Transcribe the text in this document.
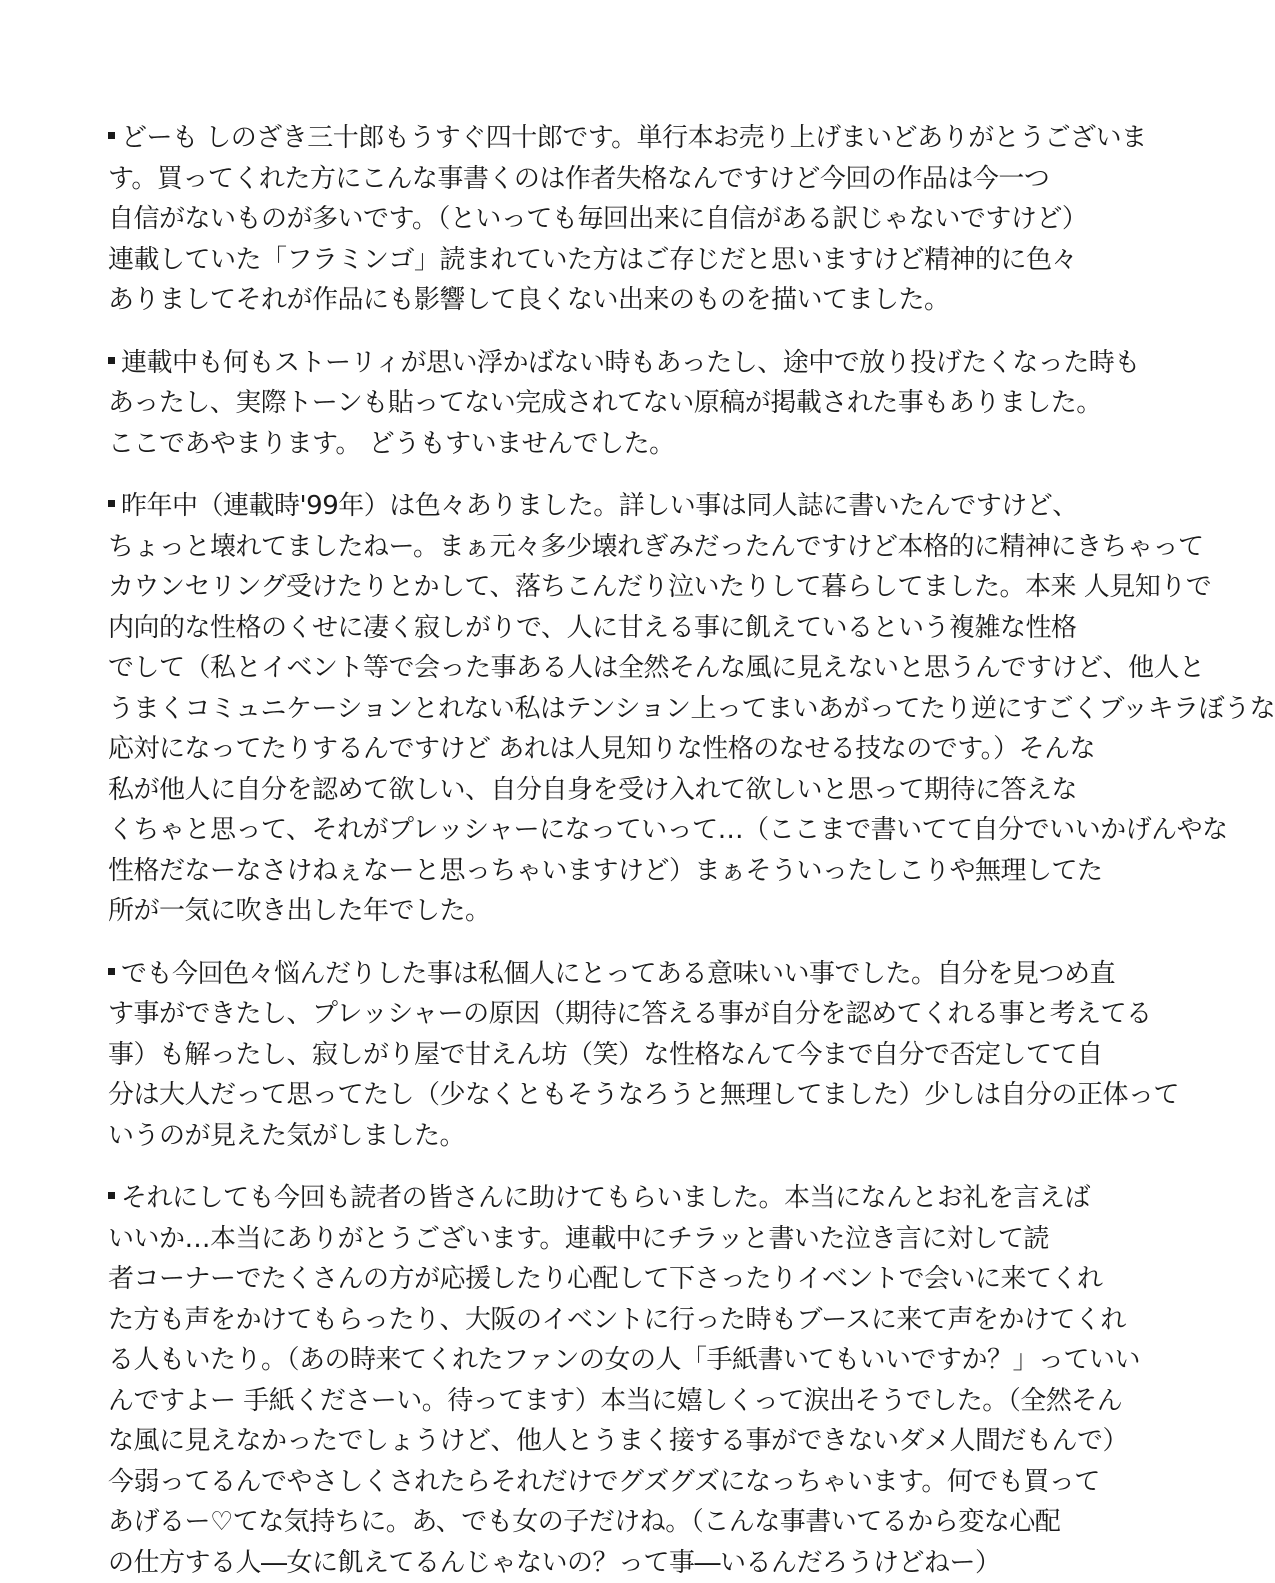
どーも しのざき三十郎もうすぐ四十郎です。単行本お売り上げまいどありがとうございま
す。買ってくれた方にこんな事書くのは作者失格なんですけど今回の作品は今一つ
自信がないものが多いです。（といっても毎回出来に自信がある訳じゃないですけど）
連載していた「フラミンゴ」読まれていた方はご存じだと思いますけど精神的に色々
ありましてそれが作品にも影響して良くない出来のものを描いてました。
連載中も何もストーリィが思い浮かばない時もあったし、途中で放り投げたくなった時も
あったし、実際トーンも貼ってない完成されてない原稿が掲載された事もありました。
ここであやまります。 どうもすいませんでした。
昨年中（連載時'99年）は色々ありました。詳しい事は同人誌に書いたんですけど、
ちょっと壊れてましたねー。まぁ元々多少壊れぎみだったんですけど本格的に精神にきちゃって
カウンセリング受けたりとかして、落ちこんだり泣いたりして暮らしてました。本来 人見知りで
内向的な性格のくせに凄く寂しがりで、人に甘える事に飢えているという複雑な性格
でして（私とイベント等で会った事ある人は全然そんな風に見えないと思うんですけど、他人と
うまくコミュニケーションとれない私はテンション上ってまいあがってたり逆にすごくブッキラぼうな
応対になってたりするんですけど あれは人見知りな性格のなせる技なのです。）そんな
私が他人に自分を認めて欲しい、自分自身を受け入れて欲しいと思って期待に答えな
くちゃと思って、それがプレッシャーになっていって…（ここまで書いてて自分でいいかげんやな
性格だなーなさけねぇなーと思っちゃいますけど）まぁそういったしこりや無理してた
所が一気に吹き出した年でした。
でも今回色々悩んだりした事は私個人にとってある意味いい事でした。自分を見つめ直
す事ができたし、プレッシャーの原因（期待に答える事が自分を認めてくれる事と考えてる
事）も解ったし、寂しがり屋で甘えん坊（笑）な性格なんて今まで自分で否定してて自
分は大人だって思ってたし（少なくともそうなろうと無理してました）少しは自分の正体って
いうのが見えた気がしました。
それにしても今回も読者の皆さんに助けてもらいました。本当になんとお礼を言えば
いいか…本当にありがとうございます。連載中にチラッと書いた泣き言に対して読
者コーナーでたくさんの方が応援したり心配して下さったりイベントで会いに来てくれ
た方も声をかけてもらったり、大阪のイベントに行った時もブースに来て声をかけてくれ
る人もいたり。（あの時来てくれたファンの女の人「手紙書いてもいいですか？」っていい
んですよー 手紙くださーい。待ってます）本当に嬉しくって涙出そうでした。（全然そん
な風に見えなかったでしょうけど、他人とうまく接する事ができないダメ人間だもんで）
今弱ってるんでやさしくされたらそれだけでグズグズになっちゃいます。何でも買って
あげるー♡てな気持ちに。あ、でも女の子だけね。（こんな事書いてるから変な心配
の仕方する人―女に飢えてるんじゃないの？って事―いるんだろうけどねー）
